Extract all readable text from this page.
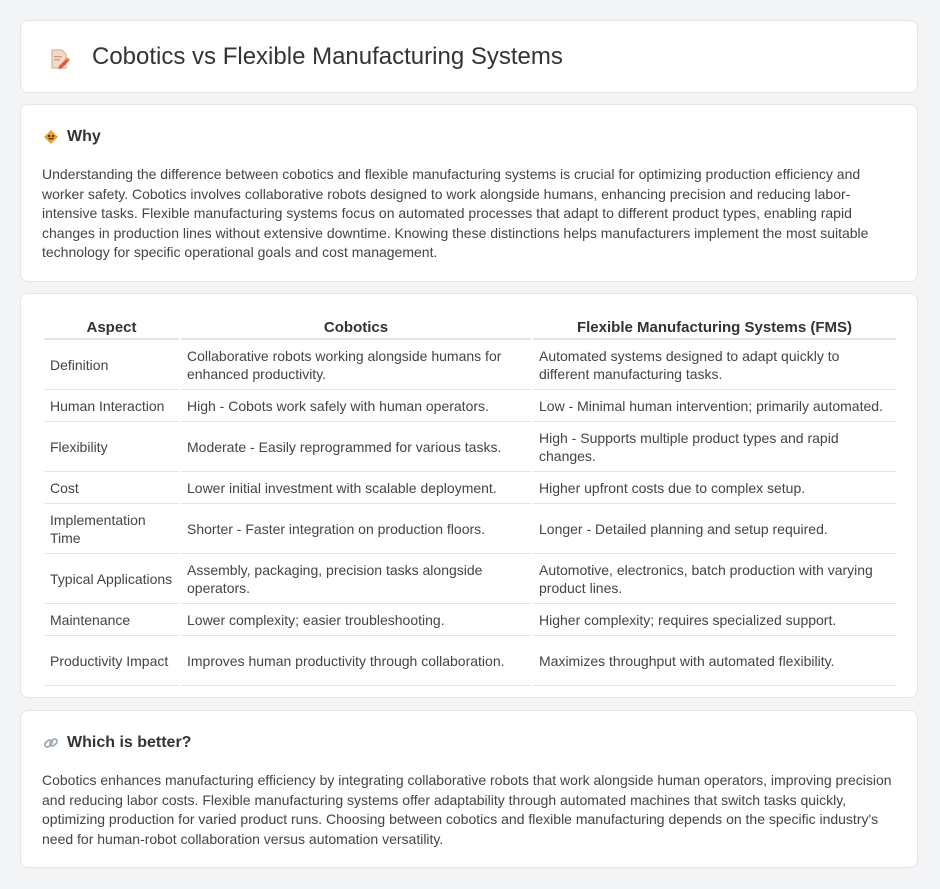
Cobotics vs Flexible Manufacturing Systems
Why

Understanding the difference between cobotics and flexible manufacturing systems is crucial for optimizing production efficiency and worker safety. Cobotics involves collaborative robots designed to work alongside humans, enhancing precision and reducing labor-intensive tasks. Flexible manufacturing systems focus on automated processes that adapt to different product types, enabling rapid changes in production lines without extensive downtime. Knowing these distinctions helps manufacturers implement the most suitable technology for specific operational goals and cost management.

Aspect	Cobotics	Flexible Manufacturing Systems (FMS)
Definition	Collaborative robots working alongside humans for enhanced productivity.	Automated systems designed to adapt quickly to different manufacturing tasks.
Human Interaction	High - Cobots work safely with human operators.	Low - Minimal human intervention; primarily automated.
Flexibility	Moderate - Easily reprogrammed for various tasks.	High - Supports multiple product types and rapid changes.
Cost	Lower initial investment with scalable deployment.	Higher upfront costs due to complex setup.
Implementation Time	Shorter - Faster integration on production floors.	Longer - Detailed planning and setup required.
Typical Applications	Assembly, packaging, precision tasks alongside operators.	Automotive, electronics, batch production with varying product lines.
Maintenance	Lower complexity; easier troubleshooting.	Higher complexity; requires specialized support.
Productivity Impact	Improves human productivity through collaboration.	Maximizes throughput with automated flexibility.
Which is better?

Cobotics enhances manufacturing efficiency by integrating collaborative robots that work alongside human operators, improving precision and reducing labor costs. Flexible manufacturing systems offer adaptability through automated machines that switch tasks quickly, optimizing production for varied product runs. Choosing between cobotics and flexible manufacturing depends on the specific industry's need for human-robot collaboration versus automation versatility.
